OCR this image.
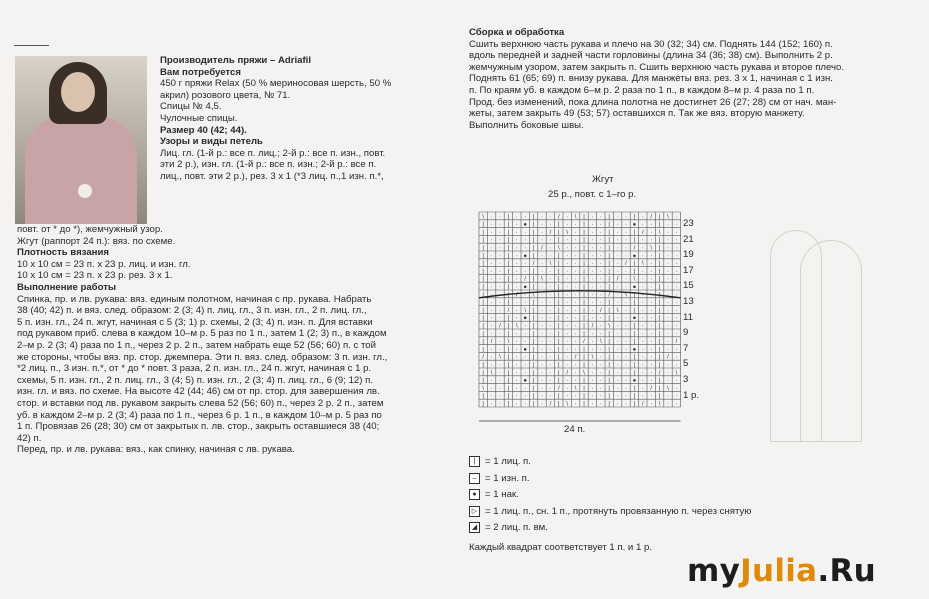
Производитель пряжи – Adriafil

Вам потребуется

450 г пряжи Relax (50 % мериносовая шерсть, 50 %

акрил) розового цвета, № 71.

Спицы № 4,5.

Чулочные спицы.

Размер 40 (42; 44).

Узоры и виды петель

Лиц. гл. (1-й р.: все п. лиц.; 2-й р.: все п. изн., повт.

эти 2 р.), изн. гл. (1-й р.: все п. изн.; 2-й р.: все п.

лиц., повт. эти 2 р.), рез. 3 х 1 (*3 лиц. п.,1 изн. п.*,

повт. от * до *), жемчужный узор.

Жгут (раппорт 24 п.): вяз. по схеме.

Плотность вязания

10 х 10 см = 23 п. х 23 р. лиц. и изн. гл.

10 х 10 см = 23 п. х 23 р. рез. 3 х 1.

Выполнение работы

Спинка, пр. и лв. рукава: вяз. единым полотном, начиная с пр. рукава. Набрать

38 (40; 42) п. и вяз. след. образом: 2 (3; 4) п. лиц. гл., 3 п. изн. гл., 2 п. лиц. гл.,

5 п. изн. гл., 24 п. жгут, начиная с 5 (3; 1) р. схемы, 2 (3; 4) п. изн. п. Для вставки

под рукавом приб. слева в каждом 10–м р. 5 раз по 1 п., затем 1 (2; 3) п., в каждом

2–м р. 2 (3; 4) раза по 1 п., через 2 р. 2 п., затем набрать еще 52 (56; 60) п. с той

же стороны, чтобы вяз. пр. стор. джемпера. Эти п. вяз. след. образом: 3 п. изн. гл.,

*2 лиц. п., 3 изн. п.*, от * до * повт. 3 раза, 2 п. изн. гл., 24 п. жгут, начиная с 1 р.

схемы, 5 п. изн. гл., 2 п. лиц. гл., 3 (4; 5) п. изн. гл., 2 (3; 4) п. лиц. гл., 6 (9; 12) п.

изн. гл. и вяз. по схеме. На высоте 42 (44; 46) см от пр. стор. для завершения лв.

стор. и вставки под лв. рукавом закрыть слева 52 (56; 60) п., через 2 р. 2 п., затем

уб. в каждом 2–м р. 2 (3; 4) раза по 1 п., через 6 р. 1 п., в каждом 10–м р. 5 раз по

1 п. Провязав 26 (28; 30) см от закрытых п. лв. стор., закрыть оставшиеся 38 (40;

42) п.

Перед, пр. и лв. рукава: вяз., как спинку, начиная с лв. рукава.

Сборка и обработка

Сшить верхнюю часть рукава и плечо на 30 (32; 34) см. Поднять 144 (152; 160) п.

вдоль передней и задней части горловины (длина 34 (36; 38) см). Выполнить 2 р.

жемчужным узором, затем закрыть п. Сшить верхнюю часть рукава и второе плечо.

Поднять 61 (65; 69) п. внизу рукава. Для манжеты вяз. рез. 3 х 1, начиная с 1 изн.

п. По краям уб. в каждом 6–м р. 2 раза по 1 п., в каждом 8–м р. 4 раза по 1 п.

Прод. без изменений, пока длина полотна не достигнет 26 (27; 28) см от нач. ман-

жеты, затем закрыть 49 (53; 57) оставшихся п. Так же вяз. вторую манжету.

Выполнить боковые швы.

Жгут
25 р., повт. с 1–го р.
\ · · | · · | · · / · \ | · · | · · | · / | \ ·
| · · | · ● | · · | · · | · · | · · ● · · | · ·
| · · | · · | · / | \ · | · · | · · | / · \ · ·
| · · | · · | · · | · · | · · | · · | · · | · ·
| · · | · · | / · \ · · | · · | · · / · \ | · ·
| · · | · ● | · · | · · | · · | · · ● · · | · ·
| · · | · · / · \ | · · | · · | · / | \ · | · ·
| · · | · · | · · | · · | · · | · · | · · | · ·
| · · | · / | \ · | · · | · · | / · \ · · | · ·
| · · | · ● | · · | · · | · · | · · ● · · | · ·
| · · | / · \ · · | · · | · · / · \ | · · | · ·
| · · | · · | · · | · · | · · | · · | · · | · ·
| · · / · \ | · · | · · | · / | \ · | · · | · ·
| · · | · ● | · · | · · | · · | · · ● · · | · ·
| · / | \ · | · · | · · | / · \ · · | · · | · ·
| · · | · · | · · | · · | · · | · · | · · | · ·
| / · \ · · | · · | · · / · \ | · · | · · | · /
| · · | · ● | · · | · · | · · | · · ● · · | · ·
/ · \ | · · | · · | · / | \ · | · · | · · | / ·
| · · | · · | · · | · · | · · | · · | · · | · ·
| \ · | · · | · · | / · \ · · | · · | · · / · \
| · · | · ● | · · | · · | · · | · · ● · · | · ·
\ · · | · · | · · / · \ | · · | · · | · / | \ ·
| · · | · · | · · | · · | · · | · · | · · | · ·
| · · | · · | · / | \ · | · · | · · | / · \ · ·
23
21
19
17
15
13
11
9
7
5
3
1 р.
24 п.
| = 1 лиц. п.
– = 1 изн. п.
● = 1 нак.
▷ = 1 лиц. п., сн. 1 п., протянуть провязанную п. через снятую
◢ = 2 лиц. п. вм.
Каждый квадрат соответствует 1 п. и 1 р.
myJulia.Ru
